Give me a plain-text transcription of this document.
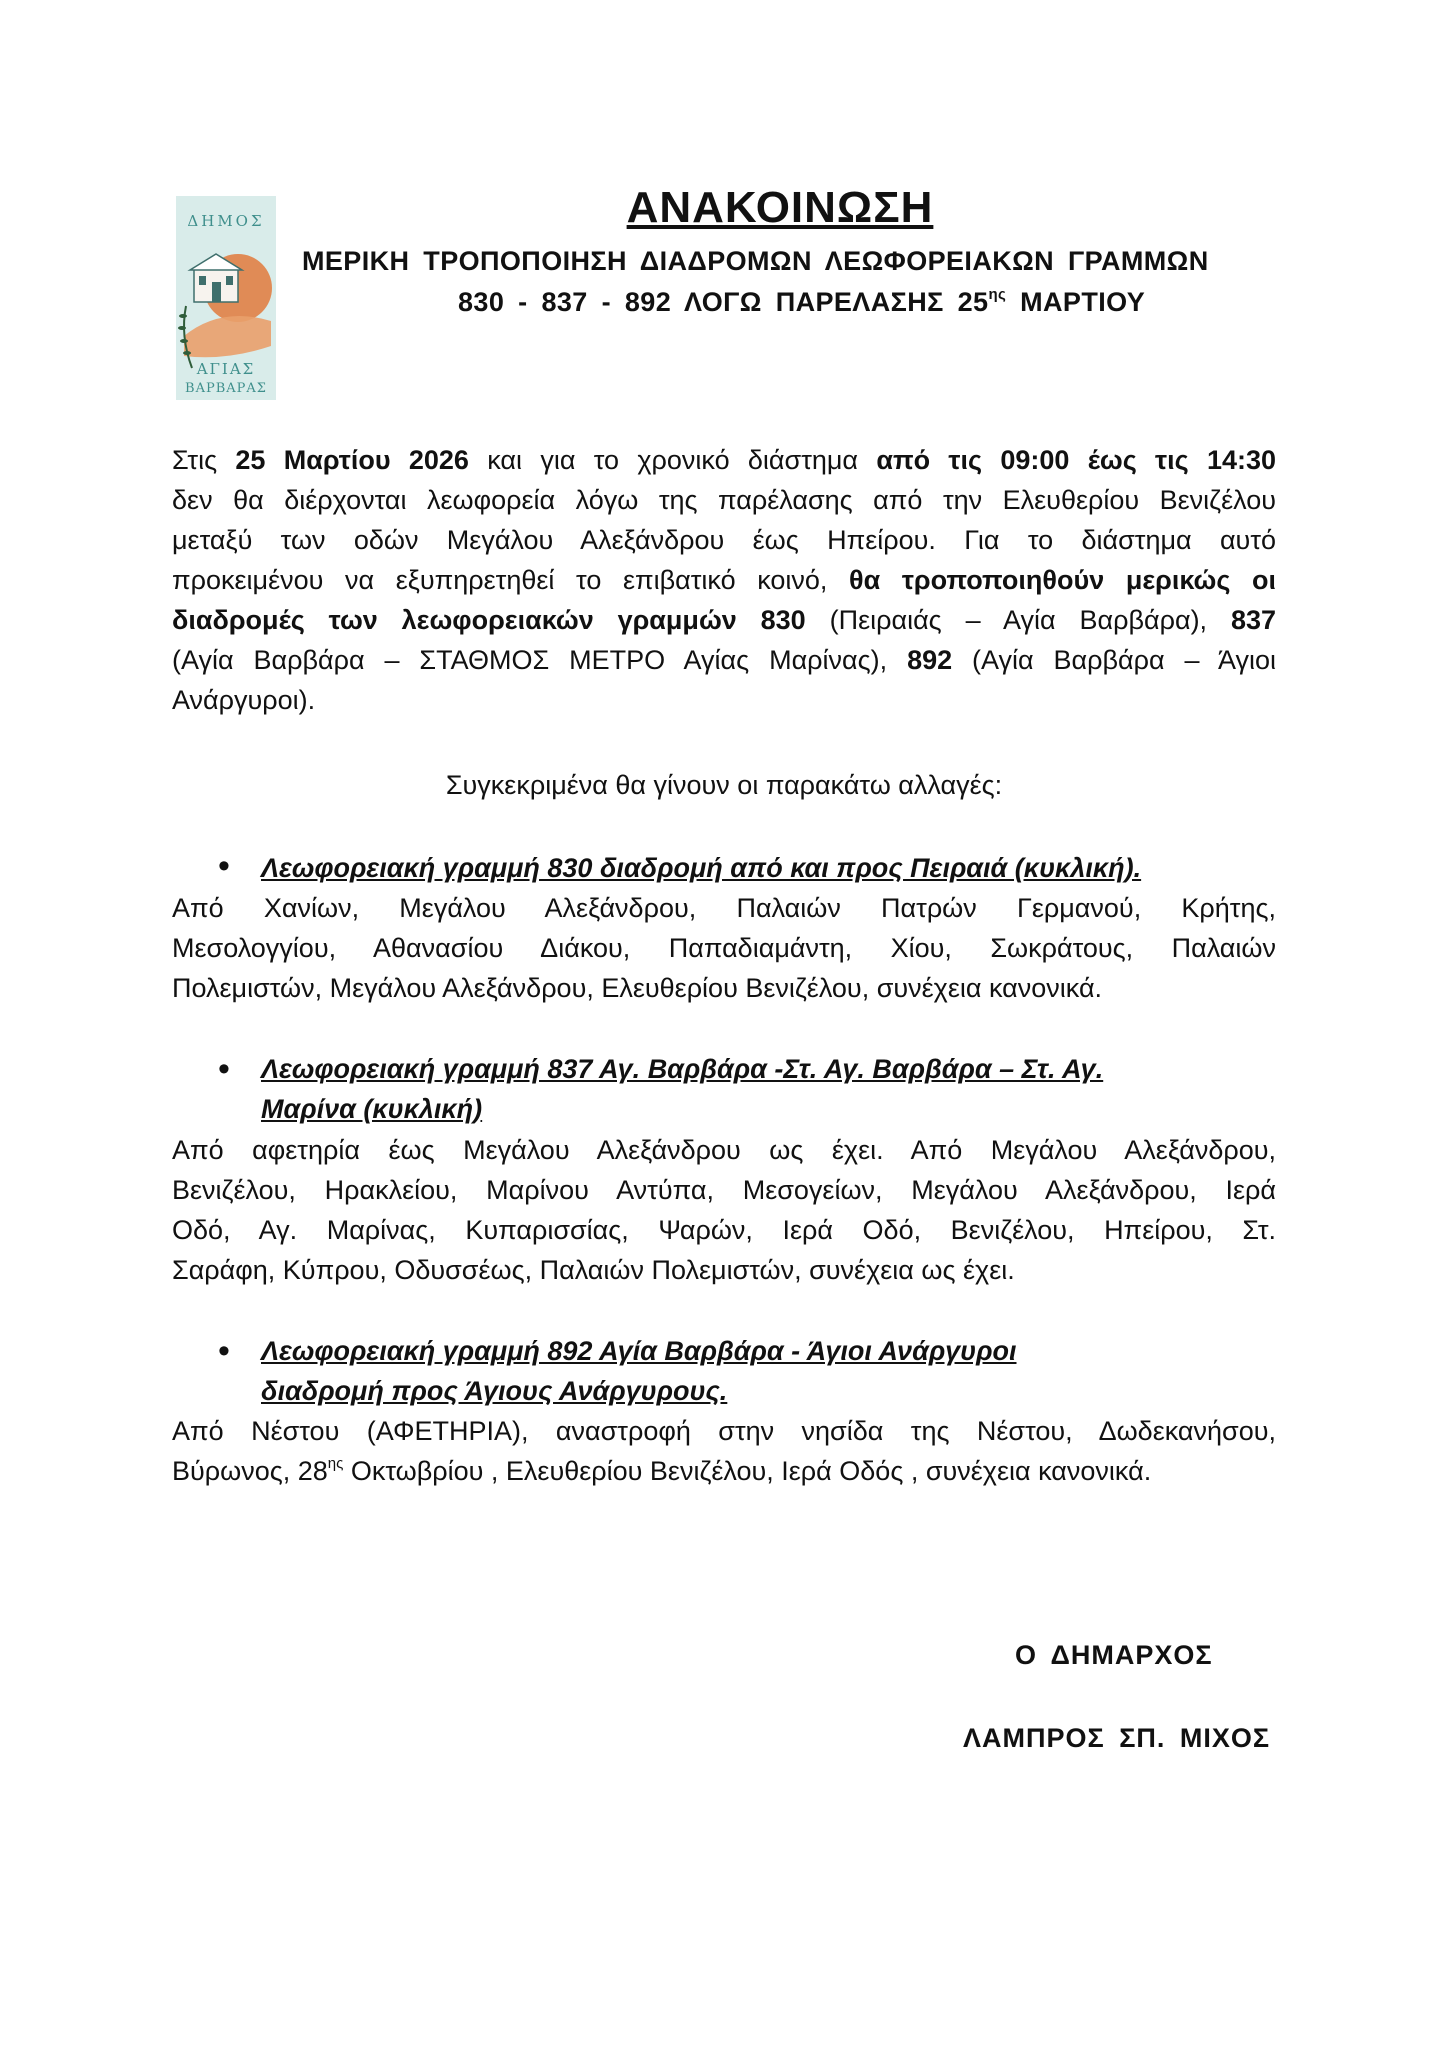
ΔΗΜΟΣ
ΑΓΙΑΣ
ΒΑΡΒΑΡΑΣ
ΑΝΑΚΟΙΝΩΣΗ
ΜΕΡΙΚΗ ΤΡΟΠΟΠΟΙΗΣΗ ΔΙΑΔΡΟΜΩΝ ΛΕΩΦΟΡΕΙΑΚΩΝ ΓΡΑΜΜΩΝ
830 - 837 - 892 ΛΟΓΩ ΠΑΡΕΛΑΣΗΣ $25^{\eta\varsigma}$ ΜΑΡΤΙΟΥ
Στις 25 Μαρτίου 2026 και για το χρονικό διάστημα από τις 09:00 έως τις 14:30
δεν θα διέρχονται λεωφορεία λόγω της παρέλασης από την Ελευθερίου Βενιζέλου
μεταξύ των οδών Μεγάλου Αλεξάνδρου έως Ηπείρου. Για το διάστημα αυτό
προκειμένου να εξυπηρετηθεί το επιβατικό κοινό, θα τροποποιηθούν μερικώς οι
διαδρομές των λεωφορειακών γραμμών 830 (Πειραιάς – Αγία Βαρβάρα), 837
(Αγία Βαρβάρα – ΣΤΑΘΜΟΣ ΜΕΤΡΟ Αγίας Μαρίνας), 892 (Αγία Βαρβάρα – Άγιοι
Ανάργυροι).
Συγκεκριμένα θα γίνουν οι παρακάτω αλλαγές:
• Λεωφορειακή γραμμή 830 διαδρομή από και προς Πειραιά (κυκλική).
Από Χανίων, Μεγάλου Αλεξάνδρου, Παλαιών Πατρών Γερμανού, Κρήτης,
Μεσολογγίου, Αθανασίου Διάκου, Παπαδιαμάντη, Χίου, Σωκράτους, Παλαιών
Πολεμιστών, Μεγάλου Αλεξάνδρου, Ελευθερίου Βενιζέλου, συνέχεια κανονικά.
• Λεωφορειακή γραμμή 837 Αγ. Βαρβάρα -Στ. Αγ. Βαρβάρα – Στ. Αγ.
Μαρίνα (κυκλική)
Από αφετηρία έως Μεγάλου Αλεξάνδρου ως έχει. Από Μεγάλου Αλεξάνδρου,
Βενιζέλου, Ηρακλείου, Μαρίνου Αντύπα, Μεσογείων, Μεγάλου Αλεξάνδρου, Ιερά
Οδό, Αγ. Μαρίνας, Κυπαρισσίας, Ψαρών, Ιερά Οδό, Βενιζέλου, Ηπείρου, Στ.
Σαράφη, Κύπρου, Οδυσσέως, Παλαιών Πολεμιστών, συνέχεια ως έχει.
• Λεωφορειακή γραμμή 892 Αγία Βαρβάρα - Άγιοι Ανάργυροι
διαδρομή προς Άγιους Ανάργυρους.
Από Νέστου (ΑΦΕΤΗΡΙΑ), αναστροφή στην νησίδα της Νέστου, Δωδεκανήσου,
Βύρωνος, $28^{\eta\varsigma}$ Οκτωβρίου , Ελευθερίου Βενιζέλου, Ιερά Οδός , συνέχεια κανονικά.
Ο ΔΗΜΑΡΧΟΣ
ΛΑΜΠΡΟΣ ΣΠ. ΜΙΧΟΣ
